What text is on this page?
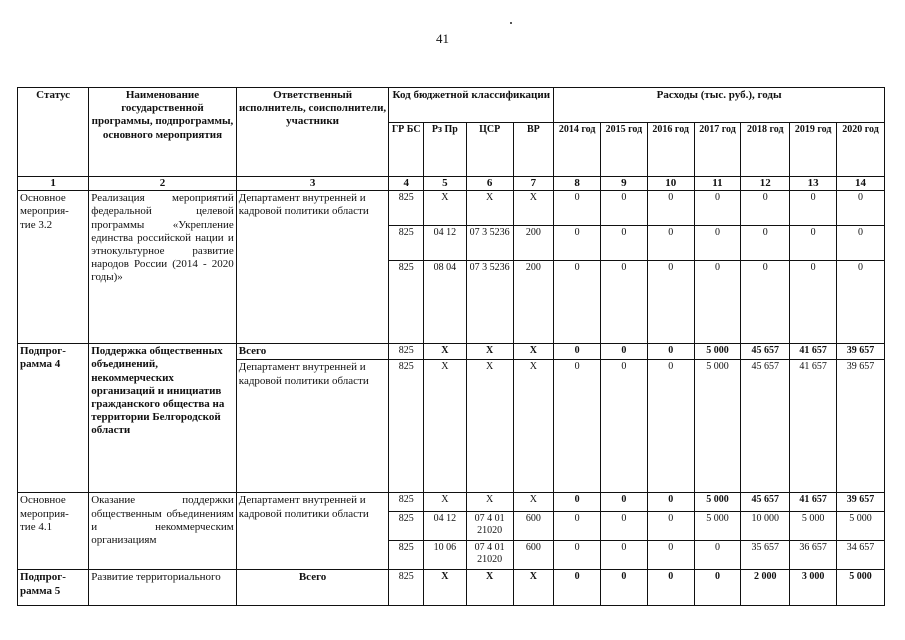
41
Статус	Наименование государственной программы, подпрограммы, основного мероприятия	Ответственный исполнитель, соисполнители, участники	Код бюджетной классификации				Расходы (тыс. руб.), годы						
			ГР БС	Рз Пр	ЦСР	ВР	2014 год	2015 год	2016 год	2017 год	2018 год	2019 год	2020 год
1	2	3	4	5	6	7	8	9	10	11	12	13	14
Основное мероприя- тие 3.2	Реализация мероприятий федеральной целевой программы «Укрепление единства российской нации и этнокультурное развитие народов России (2014 - 2020 годы)»	Департамент внутренней и кадровой политики области	825	X	X	X	0	0	0	0	0	0	0
			825	04 12	07 3 5236	200	0	0	0	0	0	0	0
			825	08 04	07 3 5236	200	0	0	0	0	0	0	0
Подпрог- рамма 4	Поддержка общественных объединений, некоммерческих организаций и инициатив гражданского общества на территории Белгородской области	Всего	825	X	X	X	0	0	0	5 000	45 657	41 657	39 657
		Департамент внутренней и кадровой политики области	825	X	X	X	0	0	0	5 000	45 657	41 657	39 657
Основное мероприя- тие 4.1	Оказание поддержки общественным объединениям и некоммерческим организациям	Департамент внутренней и кадровой политики области	825	X	X	X	0	0	0	5 000	45 657	41 657	39 657
			825	04 12	07 4 01 21020	600	0	0	0	5 000	10 000	5 000	5 000
			825	10 06	07 4 01 21020	600	0	0	0	0	35 657	36 657	34 657
Подпрог- рамма 5	Развитие территориального	Всего	825	X	X	X	0	0	0	0	2 000	3 000	5 000
